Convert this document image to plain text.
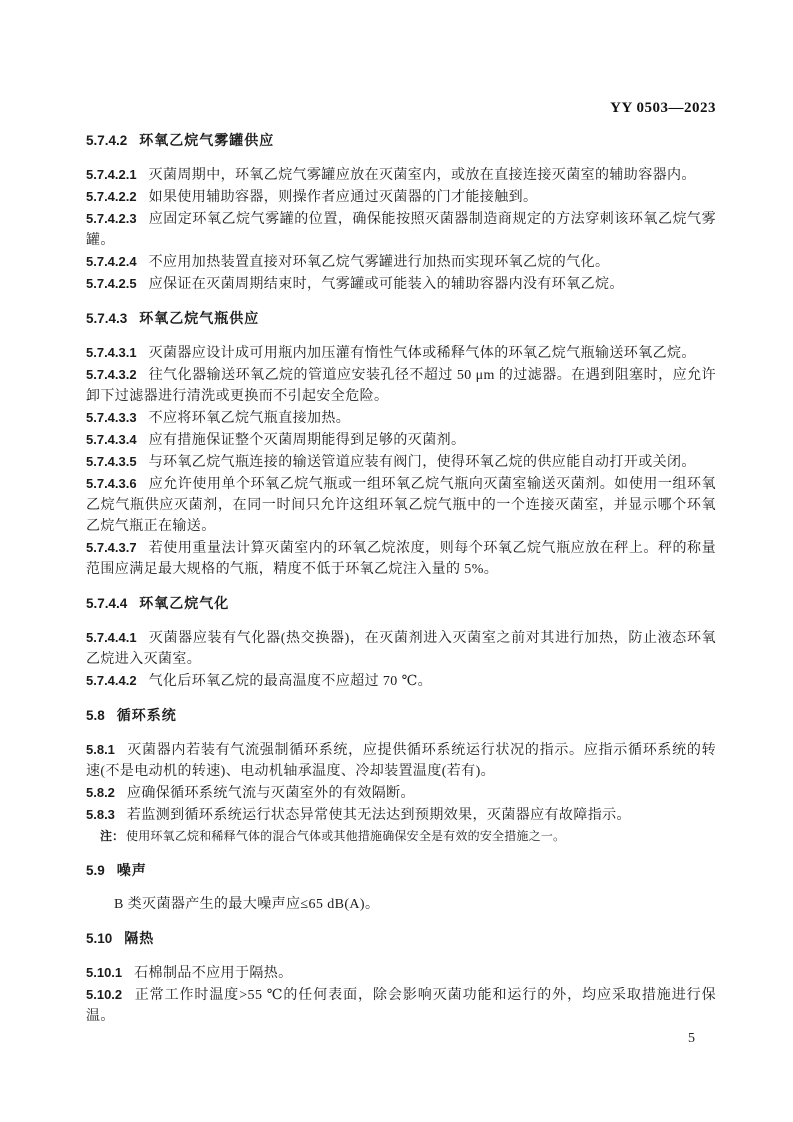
YY 0503—2023
5.7.4.2 环氧乙烷气雾罐供应

5.7.4.2.1 灭菌周期中，环氧乙烷气雾罐应放在灭菌室内，或放在直接连接灭菌室的辅助容器内。

5.7.4.2.2 如果使用辅助容器，则操作者应通过灭菌器的门才能接触到。

5.7.4.2.3 应固定环氧乙烷气雾罐的位置，确保能按照灭菌器制造商规定的方法穿刺该环氧乙烷气雾罐。

5.7.4.2.4 不应用加热装置直接对环氧乙烷气雾罐进行加热而实现环氧乙烷的气化。

5.7.4.2.5 应保证在灭菌周期结束时，气雾罐或可能装入的辅助容器内没有环氧乙烷。

5.7.4.3 环氧乙烷气瓶供应

5.7.4.3.1 灭菌器应设计成可用瓶内加压灌有惰性气体或稀释气体的环氧乙烷气瓶输送环氧乙烷。

5.7.4.3.2 往气化器输送环氧乙烷的管道应安装孔径不超过 50 μm 的过滤器。在遇到阻塞时，应允许卸下过滤器进行清洗或更换而不引起安全危险。

5.7.4.3.3 不应将环氧乙烷气瓶直接加热。

5.7.4.3.4 应有措施保证整个灭菌周期能得到足够的灭菌剂。

5.7.4.3.5 与环氧乙烷气瓶连接的输送管道应装有阀门，使得环氧乙烷的供应能自动打开或关闭。

5.7.4.3.6 应允许使用单个环氧乙烷气瓶或一组环氧乙烷气瓶向灭菌室输送灭菌剂。如使用一组环氧乙烷气瓶供应灭菌剂，在同一时间只允许这组环氧乙烷气瓶中的一个连接灭菌室，并显示哪个环氧乙烷气瓶正在输送。

5.7.4.3.7 若使用重量法计算灭菌室内的环氧乙烷浓度，则每个环氧乙烷气瓶应放在秤上。秤的称量范围应满足最大规格的气瓶，精度不低于环氧乙烷注入量的 5%。

5.7.4.4 环氧乙烷气化

5.7.4.4.1 灭菌器应装有气化器(热交换器)，在灭菌剂进入灭菌室之前对其进行加热，防止液态环氧乙烷进入灭菌室。

5.7.4.4.2 气化后环氧乙烷的最高温度不应超过 70 ℃。

5.8 循环系统

5.8.1 灭菌器内若装有气流强制循环系统，应提供循环系统运行状况的指示。应指示循环系统的转速(不是电动机的转速)、电动机轴承温度、冷却装置温度(若有)。

5.8.2 应确保循环系统气流与灭菌室外的有效隔断。

5.8.3 若监测到循环系统运行状态异常使其无法达到预期效果，灭菌器应有故障指示。

注： 使用环氧乙烷和稀释气体的混合气体或其他措施确保安全是有效的安全措施之一。

5.9 噪声

B 类灭菌器产生的最大噪声应≤65 dB(A)。

5.10 隔热

5.10.1 石棉制品不应用于隔热。

5.10.2 正常工作时温度>55 ℃的任何表面，除会影响灭菌功能和运行的外，均应采取措施进行保温。

5
